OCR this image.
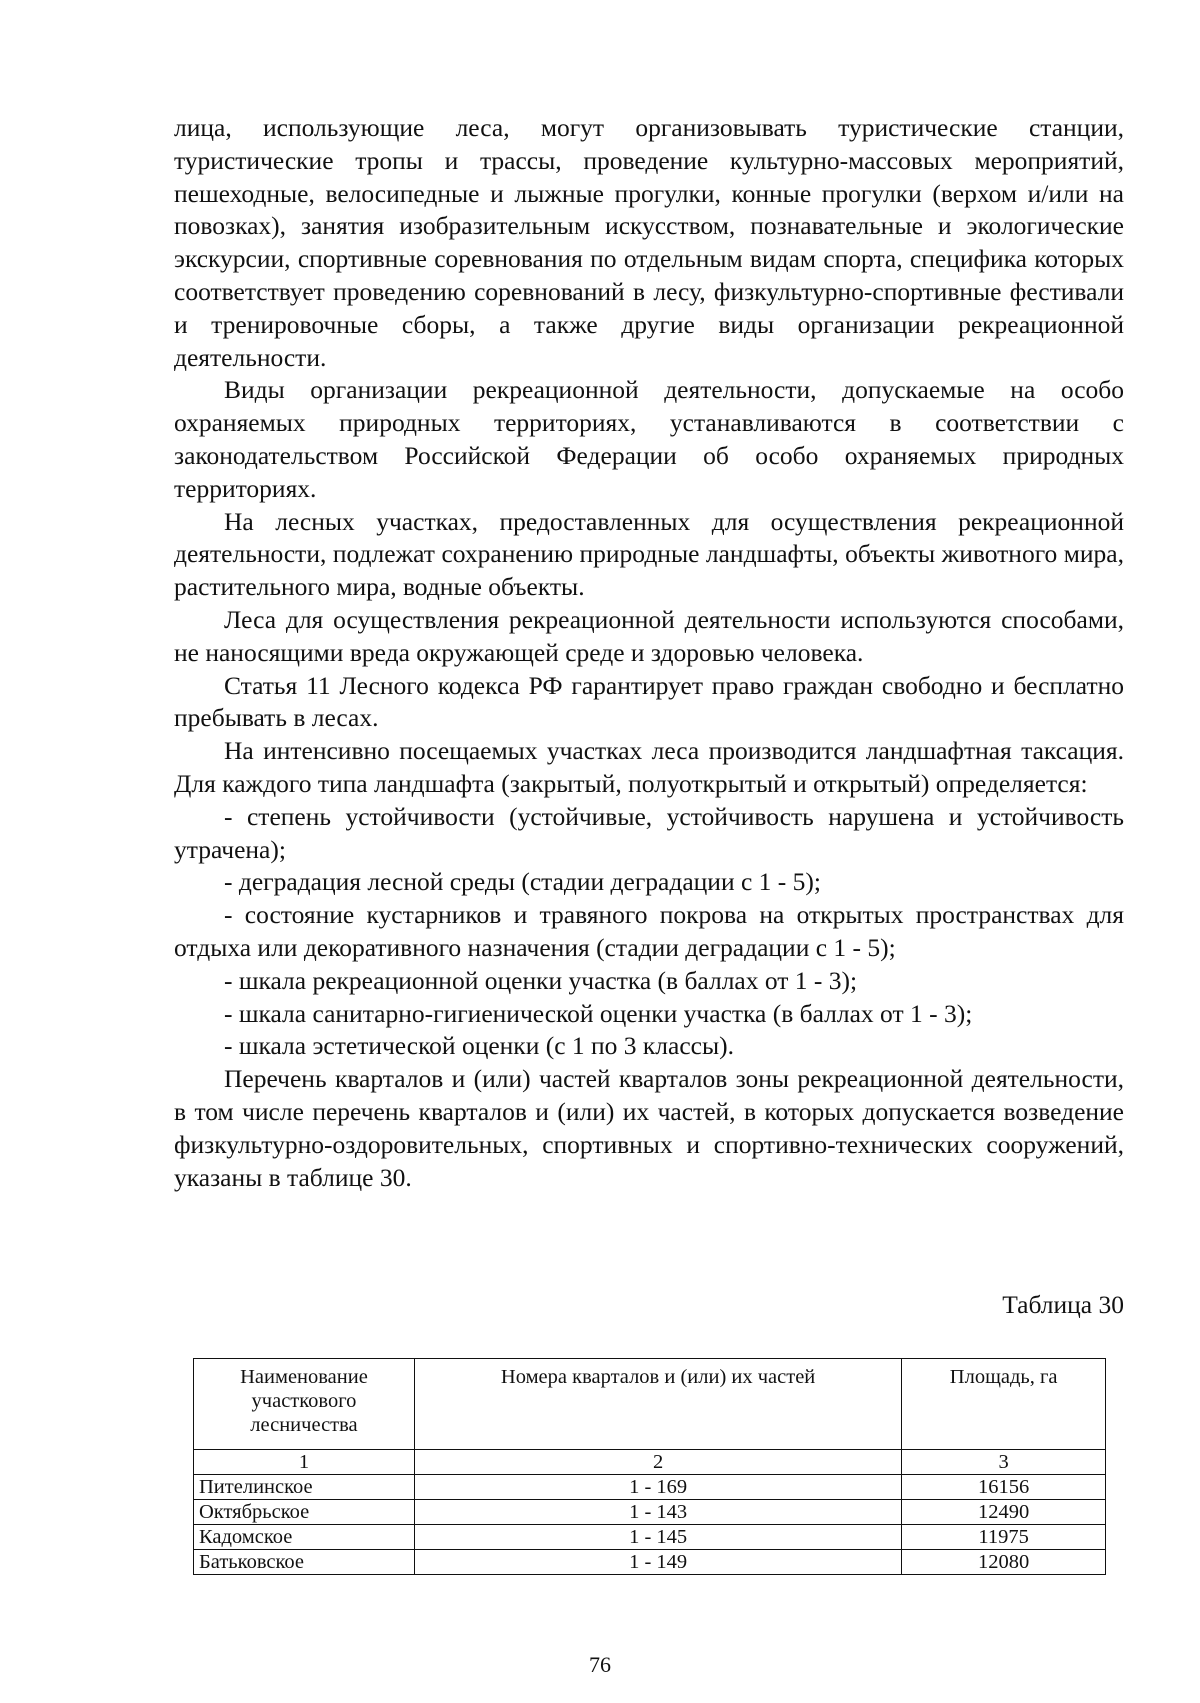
лица, использующие леса, могут организовывать туристические станции, туристические тропы и трассы, проведение культурно-массовых мероприятий, пешеходные, велосипедные и лыжные прогулки, конные прогулки (верхом и/или на повозках), занятия изобразительным искусством, познавательные и экологические экскурсии, спортивные соревнования по отдельным видам спорта, специфика которых соответствует проведению соревнований в лесу, физкультурно-спортивные фестивали и тренировочные сборы, а также другие виды организации рекреационной деятельности.

Виды организации рекреационной деятельности, допускаемые на особо охраняемых природных территориях, устанавливаются в соответствии с законодательством Российской Федерации об особо охраняемых природных территориях.

На лесных участках, предоставленных для осуществления рекреационной деятельности, подлежат сохранению природные ландшафты, объекты животного мира, растительного мира, водные объекты.

Леса для осуществления рекреационной деятельности используются способами, не наносящими вреда окружающей среде и здоровью человека.

Статья 11 Лесного кодекса РФ гарантирует право граждан свободно и бесплатно пребывать в лесах.

На интенсивно посещаемых участках леса производится ландшафтная таксация. Для каждого типа ландшафта (закрытый, полуоткрытый и открытый) определяется:

- степень устойчивости (устойчивые, устойчивость нарушена и устойчивость утрачена);

- деградация лесной среды (стадии деградации с 1 - 5);

- состояние кустарников и травяного покрова на открытых пространствах для отдыха или декоративного назначения (стадии деградации с 1 - 5);

- шкала рекреационной оценки участка (в баллах от 1 - 3);

- шкала санитарно-гигиенической оценки участка (в баллах от 1 - 3);

- шкала эстетической оценки (с 1 по 3 классы).

Перечень кварталов и (или) частей кварталов зоны рекреационной деятельности, в том числе перечень кварталов и (или) их частей, в которых допускается возведение физкультурно-оздоровительных, спортивных и спортивно-технических сооружений, указаны в таблице 30.

Таблица 30
Наименование участкового лесничества	Номера кварталов и (или) их частей	Площадь, га
1	2	3
Пителинское	1 - 169	16156
Октябрьское	1 - 143	12490
Кадомское	1 - 145	11975
Батьковское	1 - 149	12080
76
